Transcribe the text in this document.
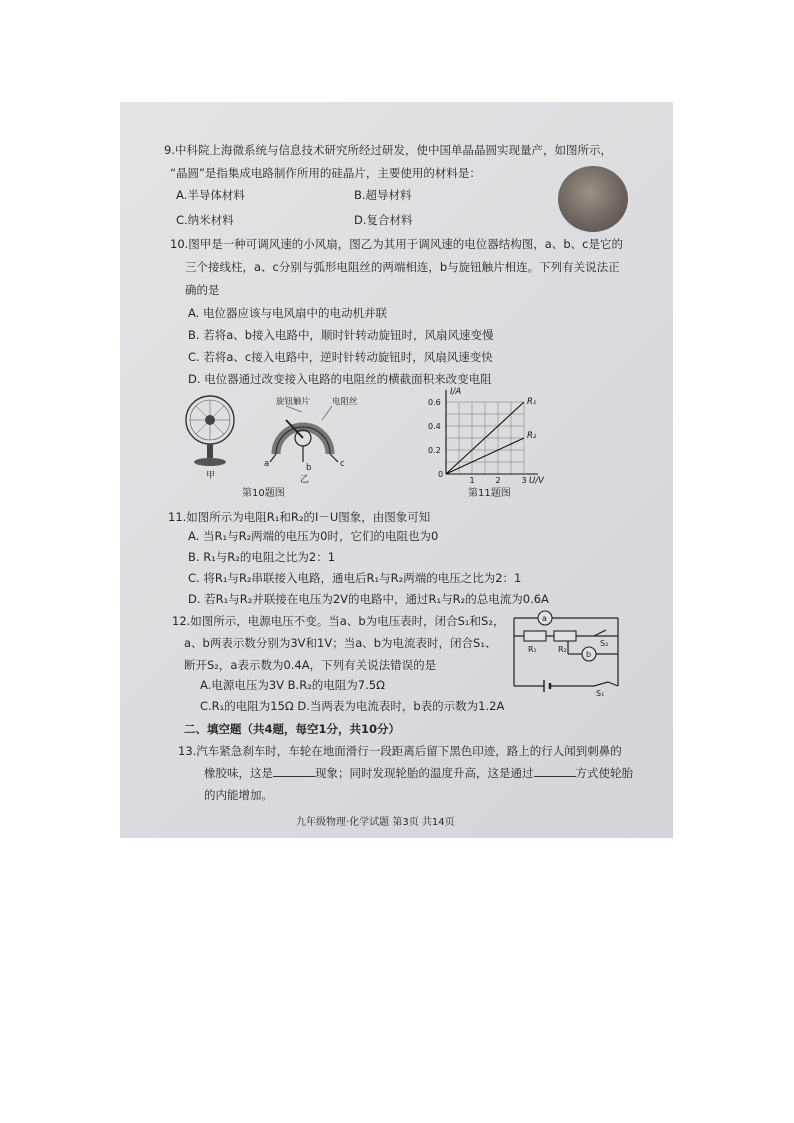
9.中科院上海微系统与信息技术研究所经过研发，使中国单晶晶圆实现量产，如图所示，
“晶圆”是指集成电路制作所用的硅晶片，主要使用的材料是：
A.半导体材料	B.超导材料
C.纳米材料	D.复合材料
10.图甲是一种可调风速的小风扇，图乙为其用于调风速的电位器结构图，a、b、c是它的
三个接线柱，a、c分别与弧形电阻丝的两端相连，b与旋钮触片相连。下列有关说法正
确的是
A. 电位器应该与电风扇中的电动机并联
B. 若将a、b接入电路中，顺时针转动旋钮时，风扇风速变慢
C. 若将a、c接入电路中，逆时针转动旋钮时，风扇风速变快
D. 电位器通过改变接入电路的电阻丝的横截面积来改变电阻
旋钮触片	电阻丝
a	b	c
甲	乙
第10题图
R₁
R₂
1	2	3
0.2
0.4
0.6
0
I/A
U/V
第11题图
11.如图所示为电阻R₁和R₂的I－U图象，由图象可知
A. 当R₁与R₂两端的电压为0时，它们的电阻也为0
B. R₁与R₂的电阻之比为2：1
C. 将R₁与R₂串联接入电路，通电后R₁与R₂两端的电压之比为2：1
D. 若R₁与R₂并联接在电压为2V的电路中，通过R₁与R₂的总电流为0.6A
12.如图所示，电源电压不变。当a、b为电压表时，闭合S₁和S₂，
a、b两表示数分别为3V和1V；当a、b为电流表时，闭合S₁、
断开S₂，a表示数为0.4A，下列有关说法错误的是
A.电源电压为3V B.R₂的电阻为7.5Ω
C.R₁的电阻为15Ω D.当两表为电流表时，b表的示数为1.2A
a
b
R₁	R₂
S₂
S₁
二、填空题（共4题，每空1分，共10分）
13.汽车紧急刹车时，车轮在地面滑行一段距离后留下黑色印迹，路上的行人闻到刺鼻的
橡胶味，这是	现象；同时发现轮胎的温度升高，这是通过	方式使轮胎
的内能增加。
九年级物理·化学试题 第3页 共14页
